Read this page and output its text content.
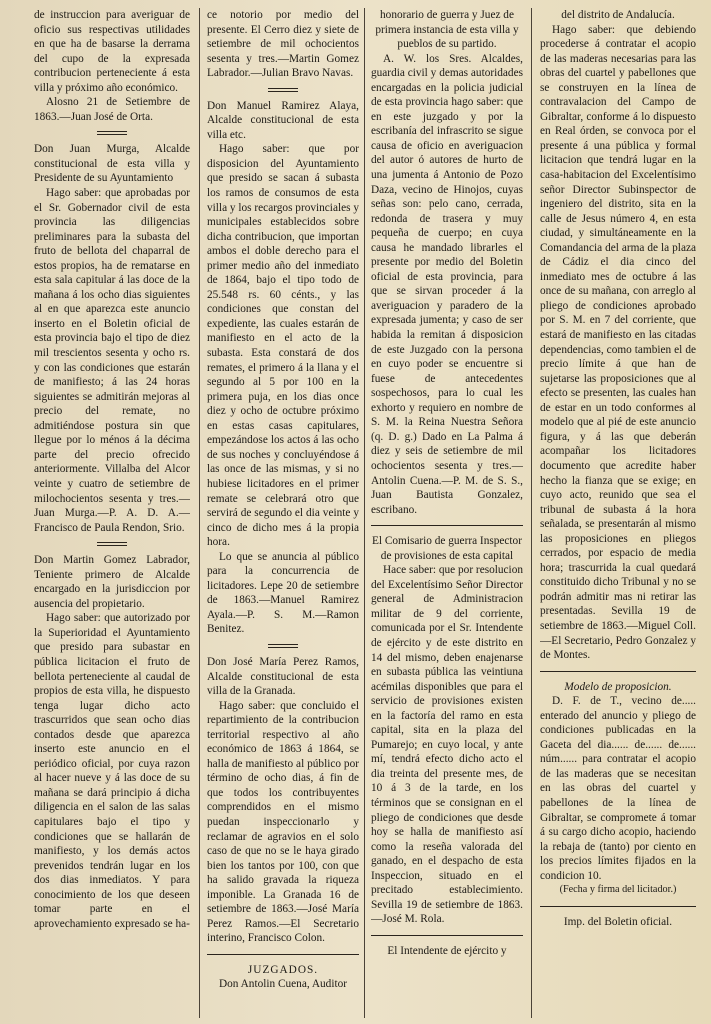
de instruccion para averiguar de oficio sus respectivas utilidades en que ha de basarse la derrama del cupo de la expresada contribucion perteneciente á esta villa y próximo año económico.

Alosno 21 de Setiembre de 1863.—Juan José de Orta.

Don Juan Murga, Alcalde constitucional de esta villa y Presidente de su Ayuntamiento

Hago saber: que aprobadas por el Sr. Gobernador civil de esta provincia las diligencias preliminares para la subasta del fruto de bellota del chaparral de estos propios, ha de rematarse en esta sala capitular á las doce de la mañana á los ocho dias siguientes al en que aparezca este anuncio inserto en el Boletin oficial de esta provincia bajo el tipo de diez mil trescientos sesenta y ocho rs. y con las condiciones que estarán de manifiesto; á las 24 horas siguientes se admitirán mejoras al precio del remate, no admitiéndose postura sin que llegue por lo ménos á la décima parte del precio ofrecido anteriormente. Villalba del Alcor veinte y cuatro de setiembre de milochocientos sesenta y tres.—Juan Murga.—P. A. D. A.—Francisco de Paula Rendon, Srio.

Don Martin Gomez Labrador, Teniente primero de Alcalde encargado en la jurisdiccion por ausencia del propietario.

Hago saber: que autorizado por la Superioridad el Ayuntamiento que presido para subastar en pública licitacion el fruto de bellota perteneciente al caudal de propios de esta villa, he dispuesto tenga lugar dicho acto trascurridos que sean ocho dias contados desde que aparezca inserto este anuncio en el periódico oficial, por cuya razon al hacer nueve y á las doce de su mañana se dará principio á dicha diligencia en el salon de las salas capitulares bajo el tipo y condiciones que se hallarán de manifiesto, y los demás actos prevenidos tendrán lugar en los dos dias inmediatos. Y para conocimiento de los que deseen tomar parte en el aprovechamiento expresado se ha-

ce notorio por medio del presente. El Cerro diez y siete de setiembre de mil ochocientos sesenta y tres.—Martin Gomez Labrador.—Julian Bravo Navas.

Don Manuel Ramirez Alaya, Alcalde constitucional de esta villa etc.

Hago saber: que por disposicion del Ayuntamiento que presido se sacan á subasta los ramos de consumos de esta villa y los recargos provinciales y municipales establecidos sobre dicha contribucion, que importan ambos el doble derecho para el primer medio año del inmediato de 1864, bajo el tipo todo de 25.548 rs. 60 cénts., y las condiciones que constan del expediente, las cuales estarán de manifiesto en el acto de la subasta. Esta constará de dos remates, el primero á la llana y el segundo al 5 por 100 en la primera puja, en los dias once diez y ocho de octubre próximo en estas casas capitulares, empezándose los actos á las ocho de sus noches y concluyéndose á las once de las mismas, y si no hubiese licitadores en el primer remate se celebrará otro que servirá de segundo el dia veinte y cinco de dicho mes á la propia hora.

Lo que se anuncia al público para la concurrencia de licitadores. Lepe 20 de setiembre de 1863.—Manuel Ramirez Ayala.—P. S. M.—Ramon Benitez.

Don José María Perez Ramos, Alcalde constitucional de esta villa de la Granada.

Hago saber: que concluido el repartimiento de la contribucion territorial respectivo al año económico de 1863 á 1864, se halla de manifiesto al público por término de ocho dias, á fin de que todos los contribuyentes comprendidos en el mismo puedan inspeccionarlo y reclamar de agravios en el solo caso de que no se le haya girado bien los tantos por 100, con que ha salido gravada la riqueza imponible. La Granada 16 de setiembre de 1863.—José María Perez Ramos.—El Secretario interino, Francisco Colon.

JUZGADOS.

Don Antolin Cuena, Auditor

honorario de guerra y Juez de primera instancia de esta villa y pueblos de su partido.

A. W. los Sres. Alcaldes, guardia civil y demas autoridades encargadas en la policia judicial de esta provincia hago saber: que en este juzgado y por la escribanía del infrascrito se sigue causa de oficio en averiguacion del autor ó autores de hurto de una jumenta á Antonio de Pozo Daza, vecino de Hinojos, cuyas señas son: pelo cano, cerrada, redonda de trasera y muy pequeña de cuerpo; en cuya causa he mandado librarles el presente por medio del Boletin oficial de esta provincia, para que se sirvan proceder á la averiguacion y paradero de la expresada jumenta; y caso de ser habida la remitan á disposicion de este Juzgado con la persona en cuyo poder se encuentre si fuese de antecedentes sospechosos, para lo cual les exhorto y requiero en nombre de S. M. la Reina Nuestra Señora (q. D. g.) Dado en La Palma á diez y seis de setiembre de mil ochocientos sesenta y tres.—Antolin Cuena.—P. M. de S. S., Juan Bautista Gonzalez, escribano.

El Comisario de guerra Inspector de provisiones de esta capital

Hace saber: que por resolucion del Excelentísimo Señor Director general de Administracion militar de 9 del corriente, comunicada por el Sr. Intendente de ejército y de este distrito en 14 del mismo, deben enajenarse en subasta pública las veintiuna acémilas disponibles que para el servicio de provisiones existen en la factoría del ramo en esta capital, sita en la plaza del Pumarejo; en cuyo local, y ante mí, tendrá efecto dicho acto el dia treinta del presente mes, de 10 á 3 de la tarde, en los términos que se consignan en el pliego de condiciones que desde hoy se halla de manifiesto así como la reseña valorada del ganado, en el despacho de esta Inspeccion, situado en el precitado establecimiento. Sevilla 19 de setiembre de 1863.—José M. Rola.

El Intendente de ejército y

del distrito de Andalucía.

Hago saber: que debiendo procederse á contratar el acopio de las maderas necesarias para las obras del cuartel y pabellones que se construyen en la línea de contravalacion del Campo de Gibraltar, conforme á lo dispuesto en Real órden, se convoca por el presente á una pública y formal licitacion que tendrá lugar en la casa-habitacion del Excelentísimo señor Director Subinspector de ingeniero del distrito, sita en la calle de Jesus número 4, en esta ciudad, y simultáneamente en la Comandancia del arma de la plaza de Cádiz el dia cinco del inmediato mes de octubre á las once de su mañana, con arreglo al pliego de condiciones aprobado por S. M. en 7 del corriente, que estará de manifiesto en las citadas dependencias, como tambien el de precio límite á que han de sujetarse las proposiciones que al efecto se presenten, las cuales han de estar en un todo conformes al modelo que al pié de este anuncio figura, y á las que deberán acompañar los licitadores documento que acredite haber hecho la fianza que se exige; en cuyo acto, reunido que sea el tribunal de subasta á la hora señalada, se presentarán al mismo las proposiciones en pliegos cerrados, por espacio de media hora; trascurrida la cual quedará constituido dicho Tribunal y no se podrán admitir mas ni retirar las presentadas. Sevilla 19 de setiembre de 1863.—Miguel Coll.—El Secretario, Pedro Gonzalez y de Montes.

Modelo de proposicion.

D. F. de T., vecino de..... enterado del anuncio y pliego de condiciones publicadas en la Gaceta del dia...... de...... de...... núm...... para contratar el acopio de las maderas que se necesitan en las obras del cuartel y pabellones de la línea de Gibraltar, se compromete á tomar á su cargo dicho acopio, haciendo la rebaja de (tanto) por ciento en los precios límites fijados en la condicion 10.

(Fecha y firma del licitador.)

Imp. del Boletin oficial.
